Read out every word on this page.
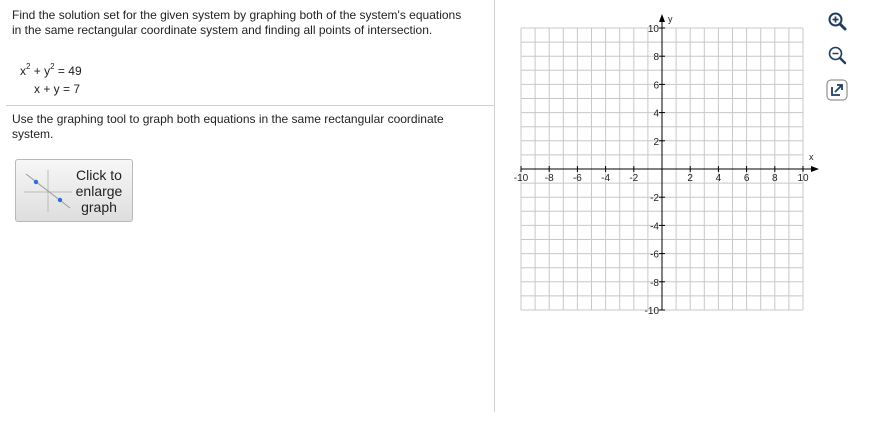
Find the solution set for the given system by graphing both of the system's equations in the same rectangular coordinate system and finding all points of intersection.
$x^2 + y^2 = 49$
x + y = 7
Use the graphing tool to graph both equations in the same rectangular coordinate system.
Click to
enlarge
graph
x
y
-10 -8 -6 -4 -2	2 4 6 8 10
10
8
6
4
2
-2
-4
-6
-8
-10
